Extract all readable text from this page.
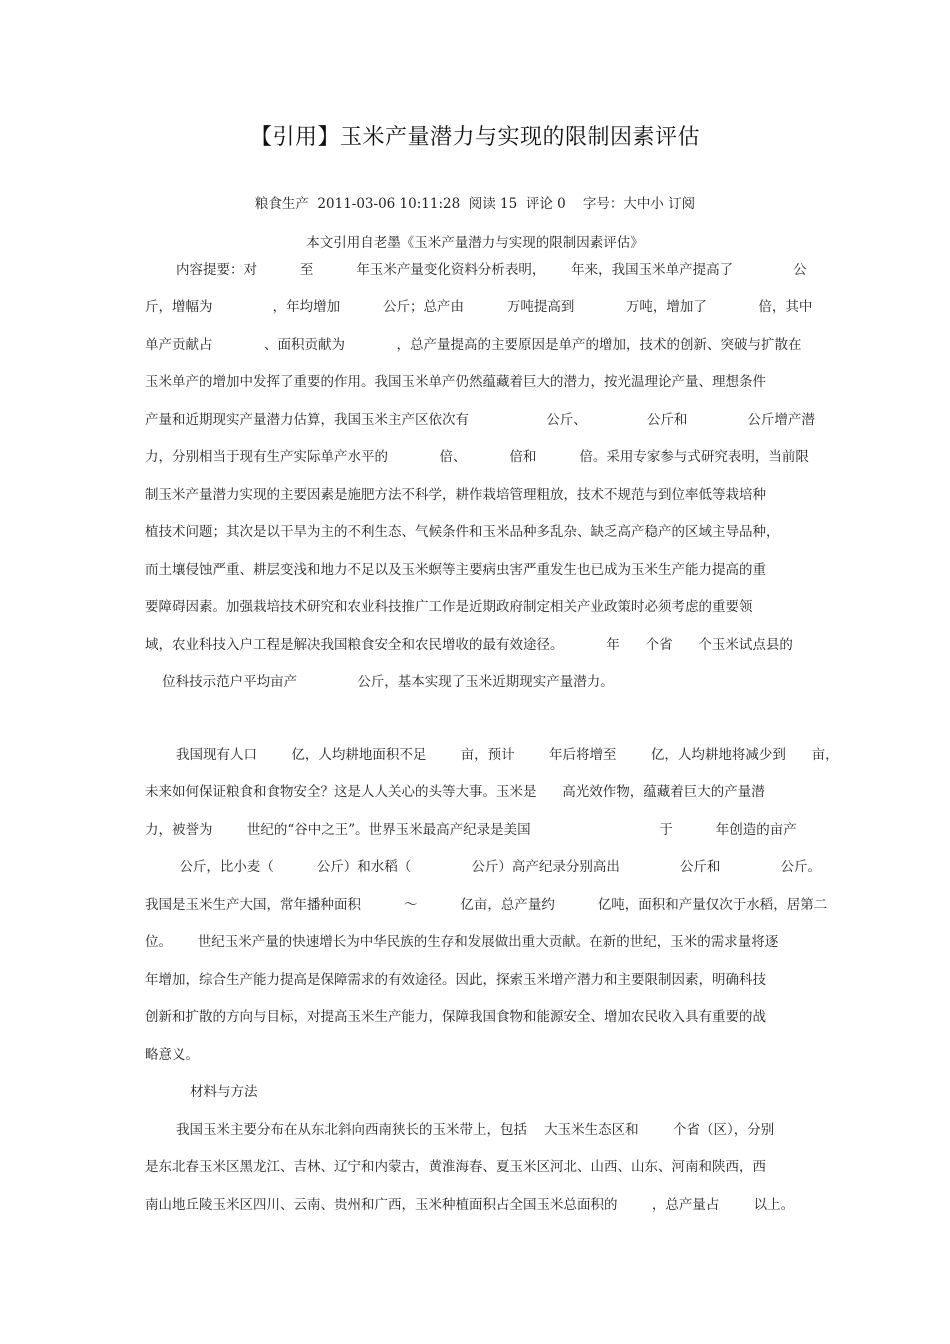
【引用】玉米产量潜力与实现的限制因素评估
粮食生产  2011-03-06 10:11:28  阅读 15  评论 0    字号：大中小 订阅
本文引用自老墨《玉米产量潜力与实现的限制因素评估》
内容提要：对          至          年玉米产量变化资料分析表明，      年来，我国玉米单产提高了              公
斤，增幅为              ，年均增加          公斤；总产由          万吨提高到            万吨，增加了            倍，其中
单产贡献占            、面积贡献为            ，总产量提高的主要原因是单产的增加，技术的创新、突破与扩散在
玉米单产的增加中发挥了重要的作用。我国玉米单产仍然蕴藏着巨大的潜力，按光温理论产量、理想条件
产量和近期现实产量潜力估算，我国玉米主产区依次有                  公斤、              公斤和              公斤增产潜
力，分别相当于现有生产实际单产水平的            倍、          倍和          倍。采用专家参与式研究表明，当前限
制玉米产量潜力实现的主要因素是施肥方法不科学，耕作栽培管理粗放，技术不规范与到位率低等栽培种
植技术问题；其次是以干旱为主的不利生态、气候条件和玉米品种多乱杂、缺乏高产稳产的区域主导品种，
而土壤侵蚀严重、耕层变浅和地力不足以及玉米螟等主要病虫害严重发生也已成为玉米生产能力提高的重
要障碍因素。加强栽培技术研究和农业科技推广工作是近期政府制定相关产业政策时必须考虑的重要领
域，农业科技入户工程是解决我国粮食安全和农民增收的最有效途径。          年      个省      个玉米试点县的
位科技示范户平均亩产              公斤，基本实现了玉米近期现实产量潜力。
我国现有人口        亿，人均耕地面积不足        亩，预计        年后将增至        亿，人均耕地将减少到      亩，
未来如何保证粮食和食物安全？这是人人关心的头等大事。玉米是      高光效作物，蕴藏着巨大的产量潜
力，被誉为        世纪的“谷中之王”。世界玉米最高产纪录是美国                              于          年创造的亩产
公斤，比小麦（          公斤）和水稻（              公斤）高产纪录分别高出              公斤和              公斤。
我国是玉米生产大国，常年播种面积          ～          亿亩，总产量约          亿吨，面积和产量仅次于水稻，居第二
位。      世纪玉米产量的快速增长为中华民族的生存和发展做出重大贡献。在新的世纪，玉米的需求量将逐
年增加，综合生产能力提高是保障需求的有效途径。因此，探索玉米增产潜力和主要限制因素，明确科技
创新和扩散的方向与目标，对提高玉米生产能力，保障我国食物和能源安全、增加农民收入具有重要的战
略意义。
材料与方法
我国玉米主要分布在从东北斜向西南狭长的玉米带上，包括    大玉米生态区和        个省（区），分别
是东北春玉米区黑龙江、吉林、辽宁和内蒙古，黄淮海春、夏玉米区河北、山西、山东、河南和陕西，西
南山地丘陵玉米区四川、云南、贵州和广西，玉米种植面积占全国玉米总面积的        ，总产量占        以上。
